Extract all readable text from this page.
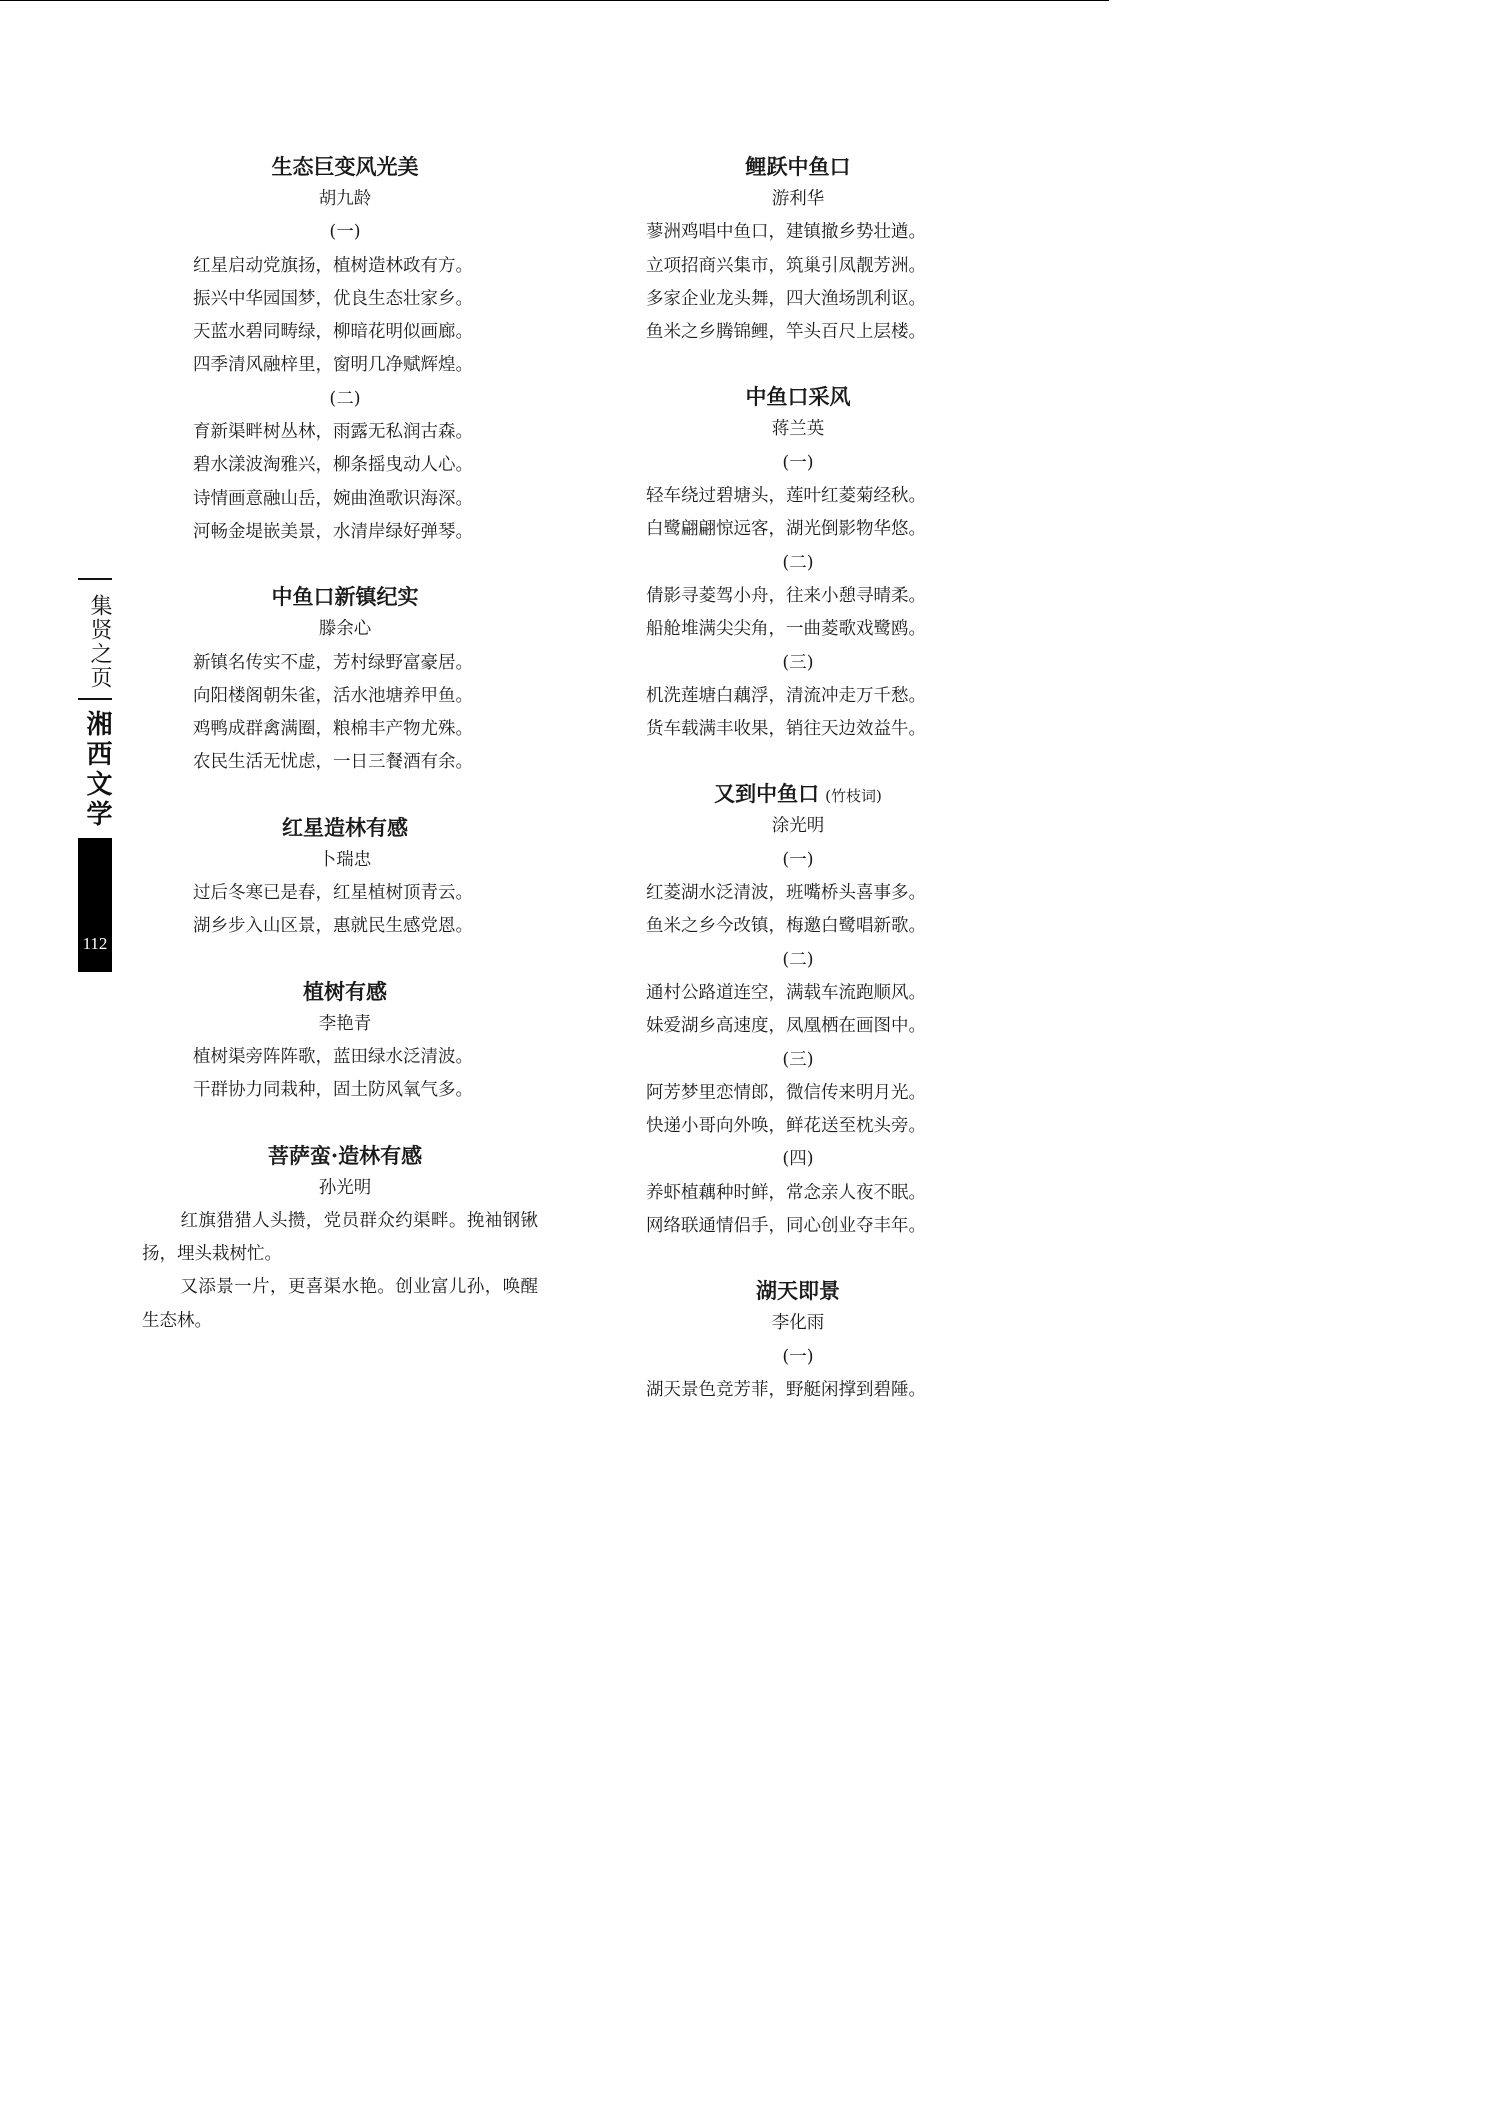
集贤之页
湘西文学
112
生态巨变风光美
胡九龄
(一)
红星启动党旗扬，植树造林政有方。
振兴中华园国梦，优良生态壮家乡。
天蓝水碧同畴绿，柳暗花明似画廊。
四季清风融梓里，窗明几净赋辉煌。
(二)
育新渠畔树丛林，雨露无私润古森。
碧水漾波淘雅兴，柳条摇曳动人心。
诗情画意融山岳，婉曲渔歌识海深。
河畅金堤嵌美景，水清岸绿好弹琴。
中鱼口新镇纪实
滕余心
新镇名传实不虚，芳村绿野富豪居。
向阳楼阁朝朱雀，活水池塘养甲鱼。
鸡鸭成群禽满圈，粮棉丰产物尤殊。
农民生活无忧虑，一日三餐酒有余。
红星造林有感
卜瑞忠
过后冬寒已是春，红星植树顶青云。
湖乡步入山区景，惠就民生感党恩。
植树有感
李艳青
植树渠旁阵阵歌，蓝田绿水泛清波。
干群协力同栽种，固土防风氧气多。
菩萨蛮·造林有感
孙光明

红旗猎猎人头攒，党员群众约渠畔。挽袖钢锹扬，埋头栽树忙。

又添景一片，更喜渠水艳。创业富儿孙，唤醒生态林。

鲤跃中鱼口
游利华
蓼洲鸡唱中鱼口，建镇撤乡势壮遒。
立项招商兴集市，筑巢引凤靓芳洲。
多家企业龙头舞，四大渔场凯利讴。
鱼米之乡腾锦鲤，竿头百尺上层楼。
中鱼口采风
蒋兰英
(一)
轻车绕过碧塘头，莲叶红菱菊经秋。
白鹭翩翩惊远客，湖光倒影物华悠。
(二)
倩影寻菱驾小舟，往来小憩寻晴柔。
船舱堆满尖尖角，一曲菱歌戏鹭鸥。
(三)
机洗莲塘白藕浮，清流冲走万千愁。
货车载满丰收果，销往天边效益牛。
又到中鱼口 (竹枝词)
涂光明
(一)
红菱湖水泛清波，班嘴桥头喜事多。
鱼米之乡今改镇，梅邀白鹭唱新歌。
(二)
通村公路道连空，满载车流跑顺风。
妹爱湖乡高速度，凤凰栖在画图中。
(三)
阿芳梦里恋情郎，微信传来明月光。
快递小哥向外唤，鲜花送至枕头旁。
(四)
养虾植藕种时鲜，常念亲人夜不眠。
网络联通情侣手，同心创业夺丰年。
湖天即景
李化雨
(一)
湖天景色竞芳菲，野艇闲撑到碧陲。
